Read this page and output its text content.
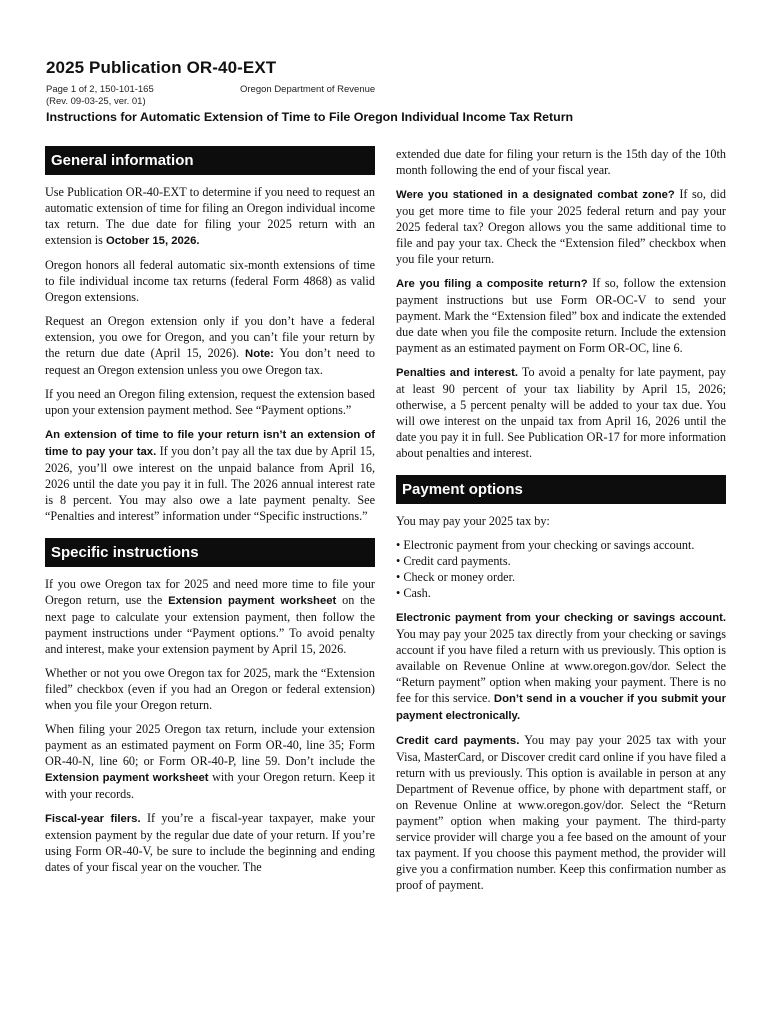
2025 Publication OR-40-EXT
Page 1 of 2, 150-101-165
(Rev. 09-03-25, ver. 01)
Oregon Department of Revenue
Instructions for Automatic Extension of Time to File Oregon Individual Income Tax Return
General information

Use Publication OR-40-EXT to determine if you need to request an automatic extension of time for filing an Oregon individual income tax return. The due date for filing your 2025 return with an extension is October 15, 2026.

Oregon honors all federal automatic six-month extensions of time to file individual income tax returns (federal Form 4868) as valid Oregon extensions.

Request an Oregon extension only if you don’t have a federal extension, you owe for Oregon, and you can’t file your return by the return due date (April 15, 2026). Note: You don’t need to request an Oregon extension unless you owe Oregon tax.

If you need an Oregon filing extension, request the extension based upon your extension payment method. See “Payment options.”

An extension of time to file your return isn’t an extension of time to pay your tax. If you don’t pay all the tax due by April 15, 2026, you’ll owe interest on the unpaid balance from April 16, 2026 until the date you pay it in full. The 2026 annual interest rate is 8 percent. You may also owe a late payment penalty. See “Penalties and interest” information under “Specific instructions.”

Specific instructions

If you owe Oregon tax for 2025 and need more time to file your Oregon return, use the Extension payment worksheet on the next page to calculate your extension payment, then follow the payment instructions under “Payment options.” To avoid penalty and interest, make your extension payment by April 15, 2026.

Whether or not you owe Oregon tax for 2025, mark the “Extension filed” checkbox (even if you had an Oregon or federal extension) when you file your Oregon return.

When filing your 2025 Oregon tax return, include your extension payment as an estimated payment on Form OR-40, line 35; Form OR-40-N, line 60; or Form OR-40-P, line 59. Don’t include the Extension payment worksheet with your Oregon return. Keep it with your records.

Fiscal-year filers. If you’re a fiscal-year taxpayer, make your extension payment by the regular due date of your return. If you’re using Form OR-40-V, be sure to include the beginning and ending dates of your fiscal year on the voucher. The

extended due date for filing your return is the 15th day of the 10th month following the end of your fiscal year.

Were you stationed in a designated combat zone? If so, did you get more time to file your 2025 federal return and pay your 2025 federal tax? Oregon allows you the same additional time to file and pay your tax. Check the “Extension filed” checkbox when you file your return.

Are you filing a composite return? If so, follow the extension payment instructions but use Form OR-OC-V to send your payment. Mark the “Extension filed” box and indicate the extended due date when you file the composite return. Include the extension payment as an estimated payment on Form OR-OC, line 6.

Penalties and interest. To avoid a penalty for late payment, pay at least 90 percent of your tax liability by April 15, 2026; otherwise, a 5 percent penalty will be added to your tax due. You will owe interest on the unpaid tax from April 16, 2026 until the date you pay it in full. See Publication OR-17 for more information about penalties and interest.

Payment options

You may pay your 2025 tax by:

• Electronic payment from your checking or savings account.
• Credit card payments.
• Check or money order.
• Cash.

Electronic payment from your checking or savings account. You may pay your 2025 tax directly from your checking or savings account if you have filed a return with us previously. This option is available on Revenue Online at www.oregon.gov/dor. Select the “Return payment” option when making your payment. There is no fee for this service. Don’t send in a voucher if you submit your payment electronically.

Credit card payments. You may pay your 2025 tax with your Visa, MasterCard, or Discover credit card online if you have filed a return with us previously. This option is available in person at any Department of Revenue office, by phone with department staff, or on Revenue Online at www.oregon.gov/dor. Select the “Return payment” option when making your payment. The third-party service provider will charge you a fee based on the amount of your tax payment. If you choose this payment method, the provider will give you a confirmation number. Keep this confirmation number as proof of payment.
